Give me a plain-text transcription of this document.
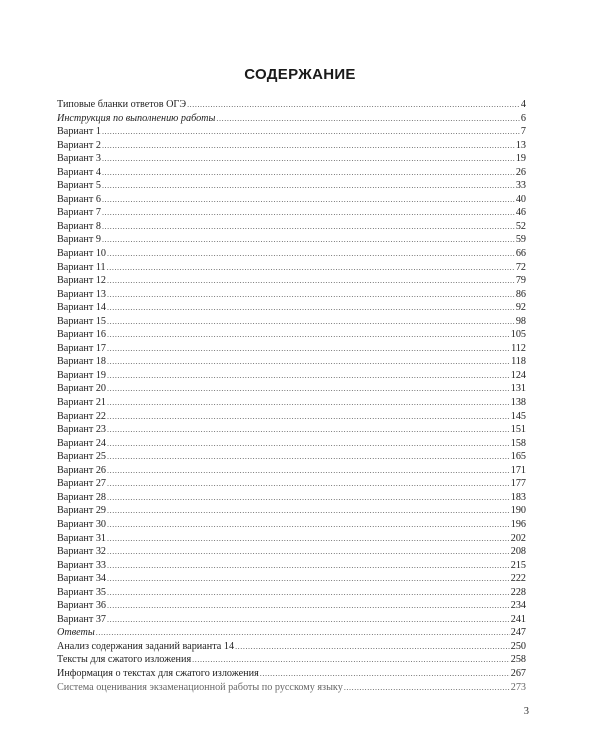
СОДЕРЖАНИЕ
Типовые бланки ответов ОГЭ .....	4
Инструкция по выполнению работы .....	6
Вариант 1 .....	7
Вариант 2 .....	13
Вариант 3 .....	19
Вариант 4 .....	26
Вариант 5 .....	33
Вариант 6 .....	40
Вариант 7 .....	46
Вариант 8 .....	52
Вариант 9 .....	59
Вариант 10 .....	66
Вариант 11 .....	72
Вариант 12 .....	79
Вариант 13 .....	86
Вариант 14 .....	92
Вариант 15 .....	98
Вариант 16 .....	105
Вариант 17 .....	112
Вариант 18 .....	118
Вариант 19 .....	124
Вариант 20 .....	131
Вариант 21 .....	138
Вариант 22 .....	145
Вариант 23 .....	151
Вариант 24 .....	158
Вариант 25 .....	165
Вариант 26 .....	171
Вариант 27 .....	177
Вариант 28 .....	183
Вариант 29 .....	190
Вариант 30 .....	196
Вариант 31 .....	202
Вариант 32 .....	208
Вариант 33 .....	215
Вариант 34 .....	222
Вариант 35 .....	228
Вариант 36 .....	234
Вариант 37 .....	241
Ответы .....	247
Анализ содержания заданий варианта 14 .....	250
Тексты для сжатого изложения .....	258
Информация о текстах для сжатого изложения .....	267
Система оценивания экзаменационной работы по русскому языку .....	273
3
